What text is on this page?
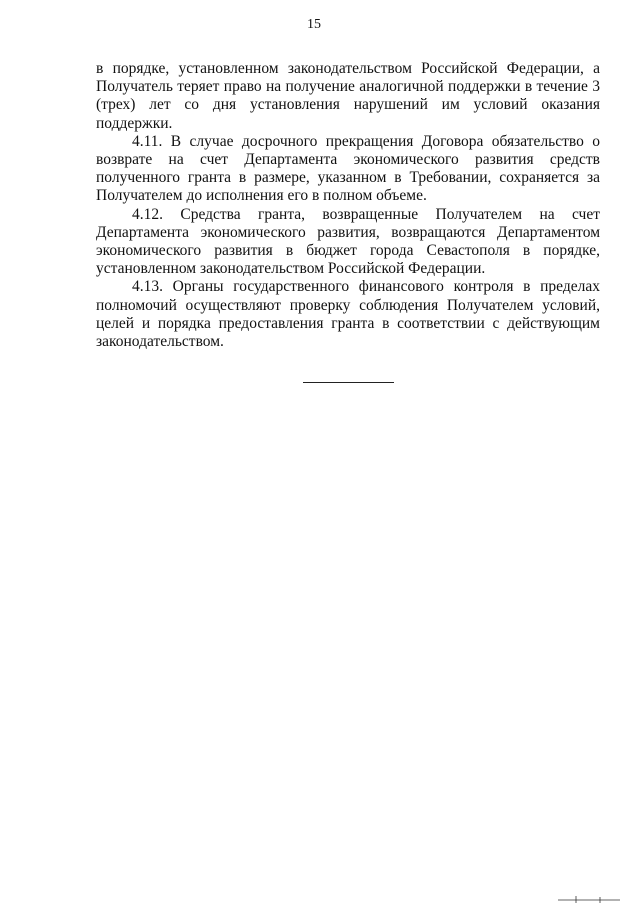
15

в порядке, установленном законодательством Российской Федерации, а Получатель теряет право на получение аналогичной поддержки в течение 3 (трех) лет со дня установления нарушений им условий оказания поддержки.

4.11. В случае досрочного прекращения Договора обязательство о возврате на счет Департамента экономического развития средств полученного гранта в размере, указанном в Требовании, сохраняется за Получателем до исполнения его в полном объеме.

4.12. Средства гранта, возвращенные Получателем на счет Департамента экономического развития, возвращаются Департаментом экономического развития в бюджет города Севастополя в порядке, установленном законодательством Российской Федерации.

4.13. Органы государственного финансового контроля в пределах полномочий осуществляют проверку соблюдения Получателем условий, целей и порядка предоставления гранта в соответствии с действующим законодательством.
